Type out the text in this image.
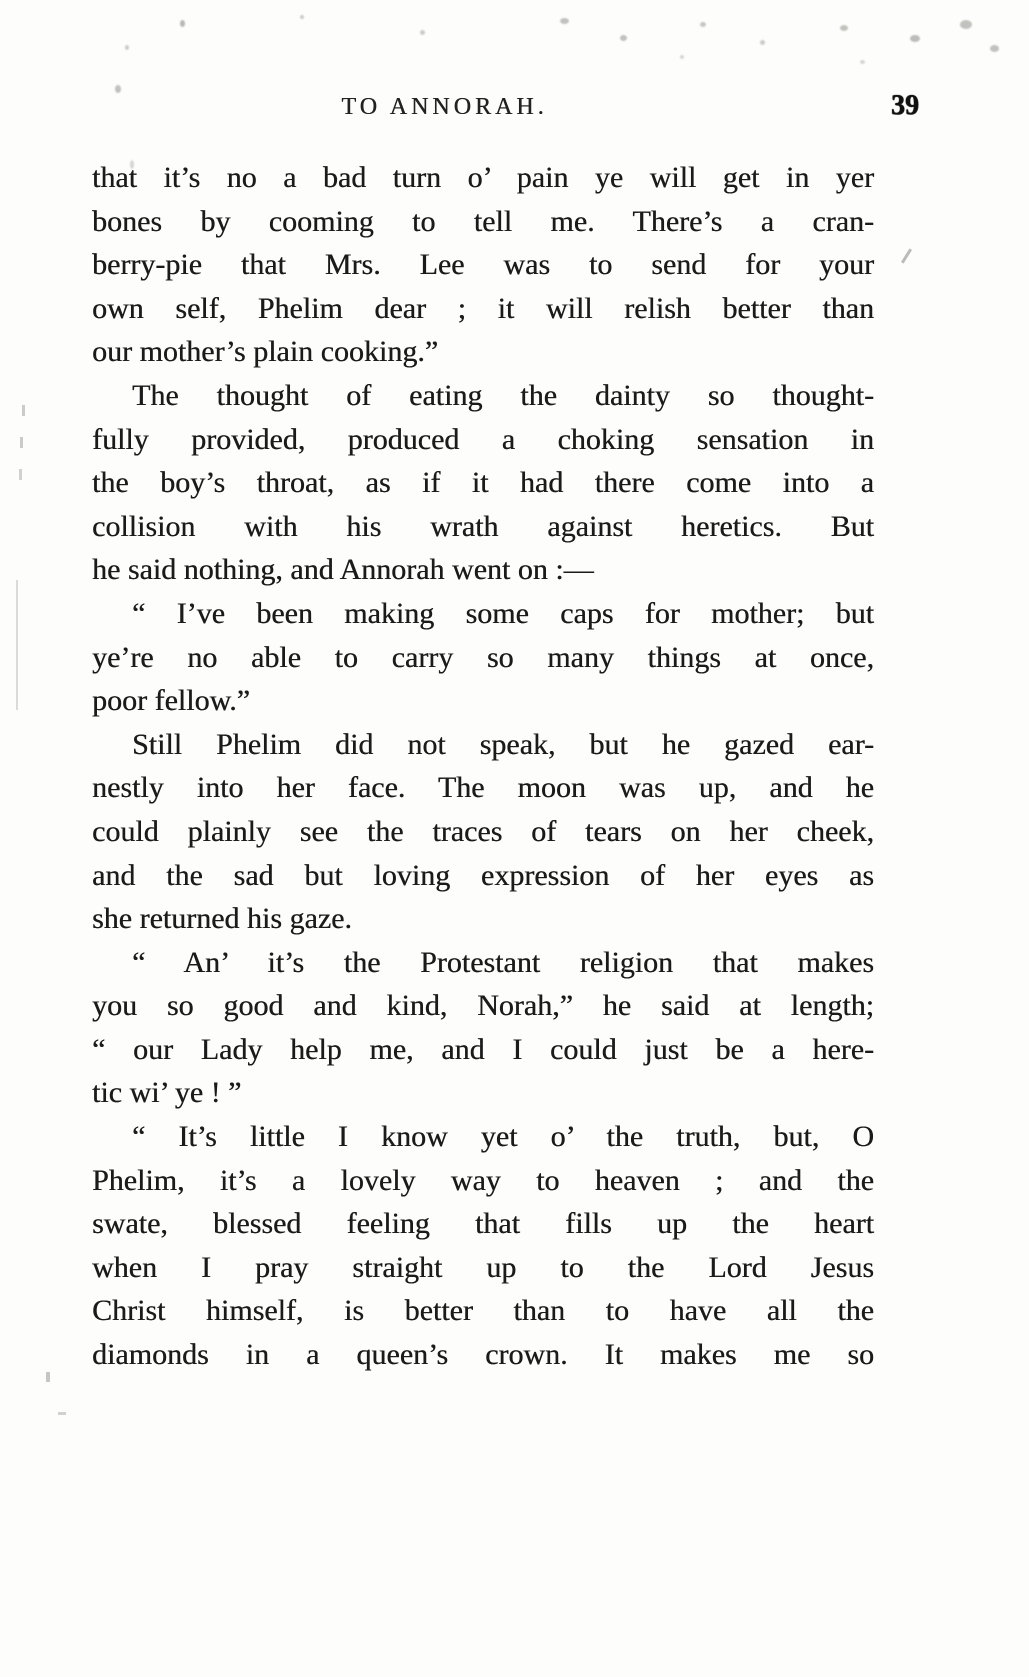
TO ANNORAH.	39
that it’s no a bad turn o’ pain ye will get in yer
bones by cooming to tell me. There’s a cran-
berry-pie that Mrs. Lee was to send for your
own self, Phelim dear ; it will relish better than
our mother’s plain cooking.”
The thought of eating the dainty so thought-
fully provided, produced a choking sensation in
the boy’s throat, as if it had there come into a
collision with his wrath against heretics. But
he said nothing, and Annorah went on :—
“ I’ve been making some caps for mother; but
ye’re no able to carry so many things at once,
poor fellow.”
Still Phelim did not speak, but he gazed ear-
nestly into her face. The moon was up, and he
could plainly see the traces of tears on her cheek,
and the sad but loving expression of her eyes as
she returned his gaze.
“ An’ it’s the Protestant religion that makes
you so good and kind, Norah,” he said at length;
“ our Lady help me, and I could just be a here-
tic wi’ ye ! ”
“ It’s little I know yet o’ the truth, but, O
Phelim, it’s a lovely way to heaven ; and the
swate, blessed feeling that fills up the heart
when I pray straight up to the Lord Jesus
Christ himself, is better than to have all the
diamonds in a queen’s crown. It makes me so
